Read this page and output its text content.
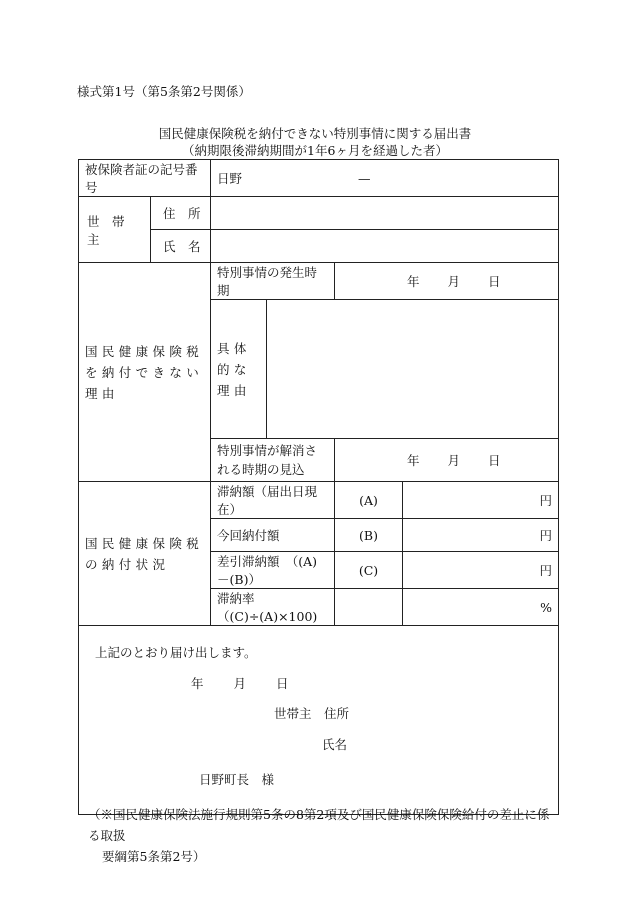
様式第1号（第5条第2号関係）
国民健康保険税を納付できない特別事情に関する届出書
（納期限後滞納期間が1年6ヶ月を経過した者）
被保険者証の記号番号		日野 —			
世　帯　主	住　所				
	氏　名				
国民健康保険税を納付できない理由		特別事情の発生時期		年 月 日	
		具体的な理由			
		特別事情が解消される時期の見込		年 月 日	
国民健康保険税の納付状況		滞納額（届出日現在）		(A)	円
		今回納付額		(B)	円
		差引滞納額　（(A)－(B)）		(C)	円
		滞納率（(C)÷(A)×100)			%

上記のとおり届け出します。
年 月 日
世帯主　住所
氏名
日野町長　様					
（※国民健康保険法施行規則第5条の8第2項及び国民健康保険保険給付の差止に係る取扱
要綱第5条第2号）
